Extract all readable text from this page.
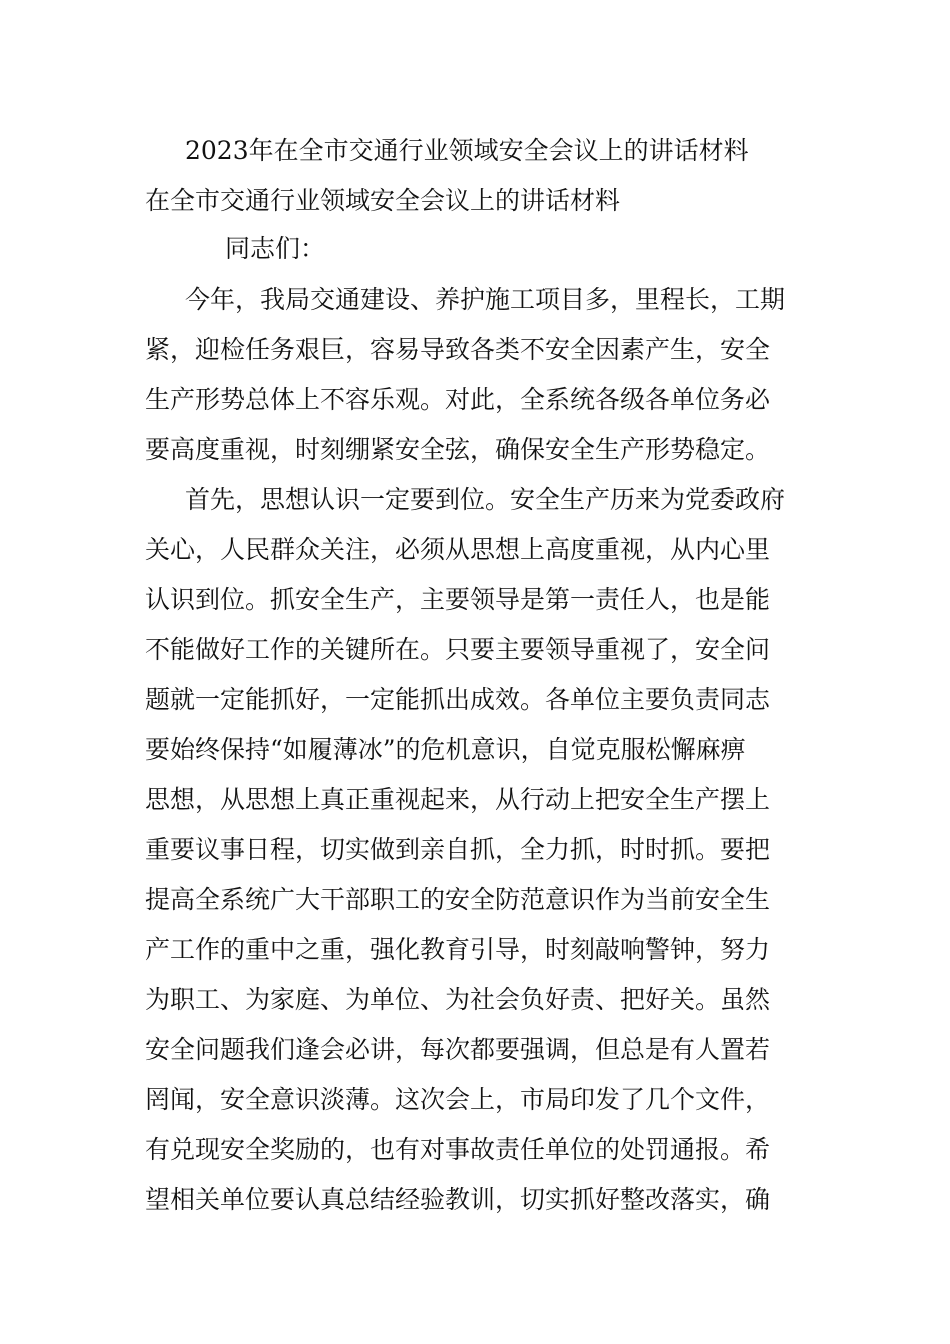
2023年在全市交通行业领域安全会议上的讲话材料

在全市交通行业领域安全会议上的讲话材料

同志们：

今年，我局交通建设、养护施工项目多，里程长，工期

紧，迎检任务艰巨，容易导致各类不安全因素产生，安全

生产形势总体上不容乐观。对此，全系统各级各单位务必

要高度重视，时刻绷紧安全弦，确保安全生产形势稳定。

首先，思想认识一定要到位。安全生产历来为党委政府

关心，人民群众关注，必须从思想上高度重视，从内心里

认识到位。抓安全生产，主要领导是第一责任人，也是能

不能做好工作的关键所在。只要主要领导重视了，安全问

题就一定能抓好，一定能抓出成效。各单位主要负责同志

要始终保持“如履薄冰”的危机意识，自觉克服松懈麻痹

思想，从思想上真正重视起来，从行动上把安全生产摆上

重要议事日程，切实做到亲自抓，全力抓，时时抓。要把

提高全系统广大干部职工的安全防范意识作为当前安全生

产工作的重中之重，强化教育引导，时刻敲响警钟，努力

为职工、为家庭、为单位、为社会负好责、把好关。虽然

安全问题我们逢会必讲，每次都要强调，但总是有人置若

罔闻，安全意识淡薄。这次会上，市局印发了几个文件，

有兑现安全奖励的，也有对事故责任单位的处罚通报。希

望相关单位要认真总结经验教训，切实抓好整改落实，确
